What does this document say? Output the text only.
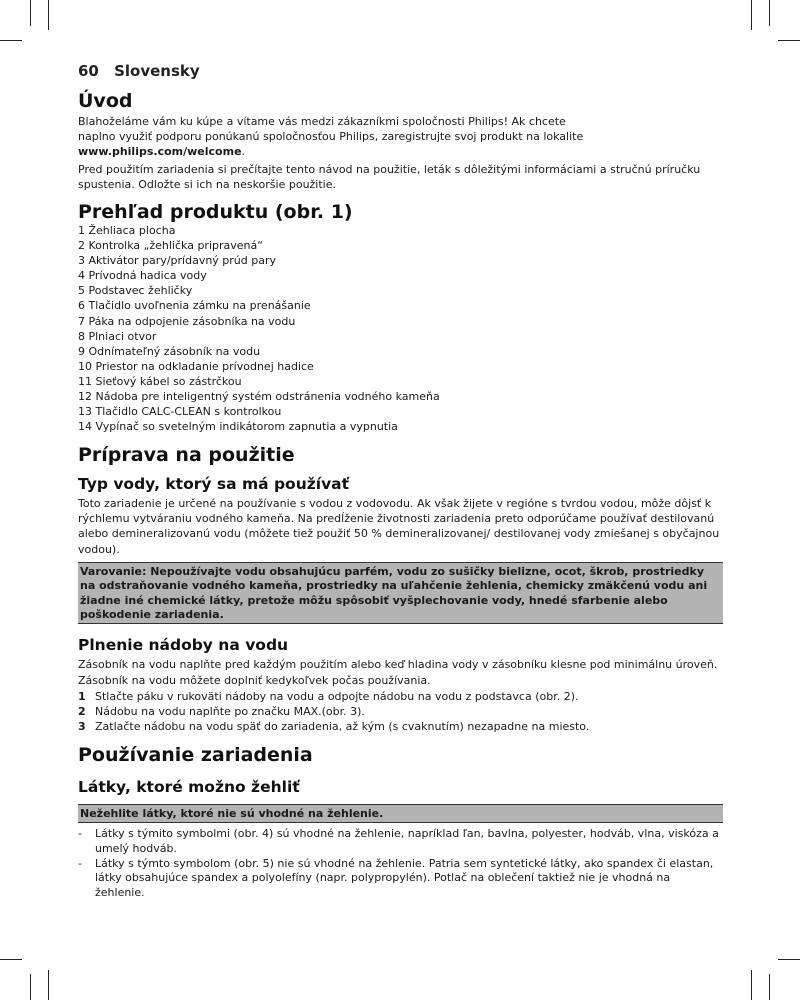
60 Slovensky
Úvod

Blahoželáme vám ku kúpe a vítame vás medzi zákazníkmi spoločnosti Philips! Ak chcete
naplno využiť podporu ponúkanú spoločnosťou Philips, zaregistrujte svoj produkt na lokalite
www.philips.com/welcome.

Pred použitím zariadenia si prečítajte tento návod na použitie, leták s dôležitými informáciami a stručnú príručku spustenia. Odložte si ich na neskoršie použitie.

Prehľad produktu (obr. 1)
1 Žehliaca plocha
2 Kontrolka „žehlička pripravená“
3 Aktivátor pary/prídavný prúd pary
4 Prívodná hadica vody
5 Podstavec žehličky
6 Tlačidlo uvoľnenia zámku na prenášanie
7 Páka na odpojenie zásobníka na vodu
8 Plniaci otvor
9 Odnímateľný zásobník na vodu
10 Priestor na odkladanie prívodnej hadice
11 Sieťový kábel so zástrčkou
12 Nádoba pre inteligentný systém odstránenia vodného kameňa
13 Tlačidlo CALC-CLEAN s kontrolkou
14 Vypínač so svetelným indikátorom zapnutia a vypnutia
Príprava na použitie
Typ vody, ktorý sa má používať

Toto zariadenie je určené na používanie s vodou z vodovodu. Ak však žijete v regióne s tvrdou vodou, môže dôjsť k rýchlemu vytváraniu vodného kameňa. Na predĺženie životnosti zariadenia preto odporúčame používať destilovanú alebo demineralizovanú vodu (môžete tiež použiť 50 % demineralizovanej/ destilovanej vody zmiešanej s obyčajnou vodou).

Varovanie: Nepoužívajte vodu obsahujúcu parfém, vodu zo sušičky bielizne, ocot, škrob, prostriedky na odstraňovanie vodného kameňa, prostriedky na uľahčenie žehlenia, chemicky zmäkčenú vodu ani žiadne iné chemické látky, pretože môžu spôsobiť vyšplechovanie vody, hnedé sfarbenie alebo poškodenie zariadenia.
Plnenie nádoby na vodu

Zásobník na vodu naplňte pred každým použitím alebo keď hladina vody v zásobníku klesne pod minimálnu úroveň. Zásobník na vodu môžete doplniť kedykoľvek počas používania.

1 Stlačte páku v rukoväti nádoby na vodu a odpojte nádobu na vodu z podstavca (obr. 2).
2 Nádobu na vodu naplňte po značku MAX.(obr. 3).
3 Zatlačte nádobu na vodu späť do zariadenia, až kým (s cvaknutím) nezapadne na miesto.
Používanie zariadenia
Látky, ktoré možno žehliť
Nežehlite látky, ktoré nie sú vhodné na žehlenie.
-	Látky s týmito symbolmi (obr. 4) sú vhodné na žehlenie, napríklad ľan, bavlna, polyester, hodváb, vlna, viskóza a umelý hodváb.
-	Látky s týmto symbolom (obr. 5) nie sú vhodné na žehlenie. Patria sem syntetické látky, ako spandex či elastan, látky obsahujúce spandex a polyolefíny (napr. polypropylén). Potlač na oblečení taktiež nie je vhodná na žehlenie.
